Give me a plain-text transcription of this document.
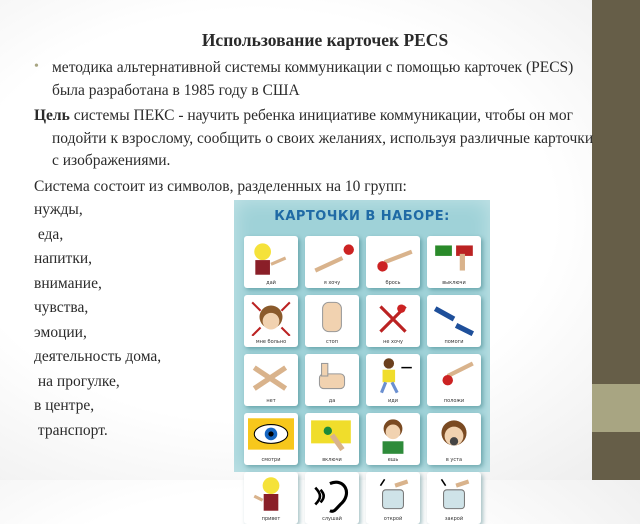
Использование карточек PECS
• методика альтернативной системы коммуникации с помощью карточек (PECS) была разработана в 1985 году в США
Цель системы ПЕКС - научить ребенка инициативе коммуникации, чтобы он мог подойти к взрослому, сообщить о своих желаниях, используя различные карточки с изображениями.
Система состоит из символов, разделенных на 10 групп:
нужды,
еда,
напитки,
внимание,
чувства,
эмоции,
деятельность дома,
на прогулке,
в центре,
транспорт.
КАРТОЧКИ В НАБОРЕ:
дай	я хочу	брось	выключи
мне больно	стоп	не хочу	помоги
нет	да	иди	положи
смотри	включи	ешь	в уста
привет	слушай	открой	закрой
